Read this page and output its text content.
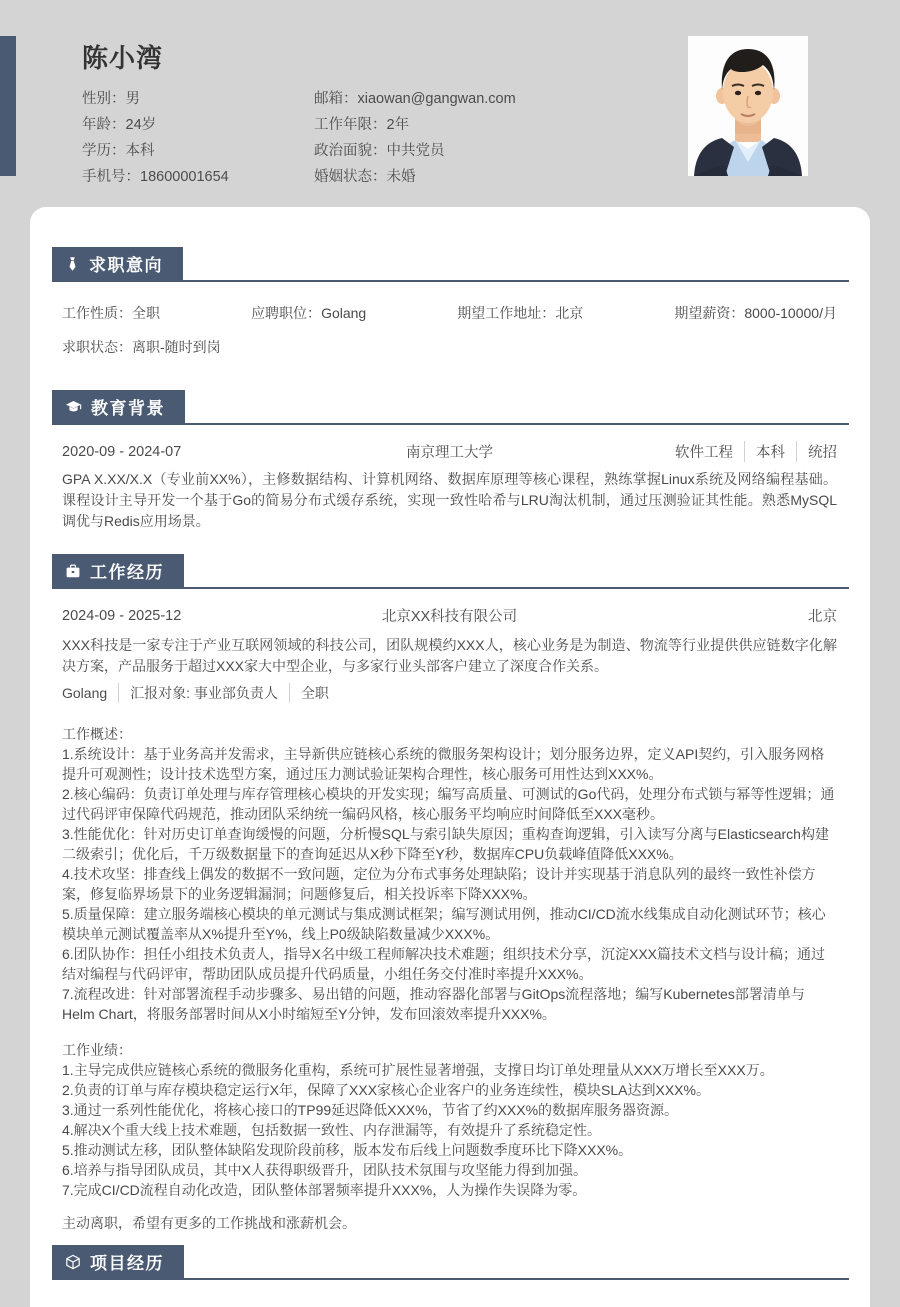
陈小湾
性别：男	邮箱：xiaowan@gangwan.com
年龄：24岁	工作年限：2年
学历：本科	政治面貌：中共党员
手机号：18600001654	婚姻状态：未婚
求职意向
工作性质：全职	应聘职位：Golang	期望工作地址：北京	期望薪资：8000-10000/月
求职状态：离职-随时到岗
教育背景
2020-09 - 2024-07	南京理工大学	软件工程 本科 统招
GPA X.XX/X.X（专业前XX%），主修数据结构、计算机网络、数据库原理等核心课程，熟练掌握Linux系统及网络编程基础。课程设计主导开发一个基于Go的简易分布式缓存系统，实现一致性哈希与LRU淘汰机制，通过压测验证其性能。熟悉MySQL调优与Redis应用场景。
工作经历
2024-09 - 2025-12	北京XX科技有限公司	北京
XXX科技是一家专注于产业互联网领域的科技公司，团队规模约XXX人，核心业务是为制造、物流等行业提供供应链数字化解决方案，产品服务于超过XXX家大中型企业，与多家行业头部客户建立了深度合作关系。
Golang 汇报对象: 事业部负责人 全职
工作概述：
1.系统设计：基于业务高并发需求，主导新供应链核心系统的微服务架构设计；划分服务边界，定义API契约，引入服务网格提升可观测性；设计技术选型方案，通过压力测试验证架构合理性，核心服务可用性达到XXX%。
2.核心编码：负责订单处理与库存管理核心模块的开发实现；编写高质量、可测试的Go代码，处理分布式锁与幂等性逻辑；通过代码评审保障代码规范，推动团队采纳统一编码风格，核心服务平均响应时间降低至XXX毫秒。
3.性能优化：针对历史订单查询缓慢的问题，分析慢SQL与索引缺失原因；重构查询逻辑，引入读写分离与Elasticsearch构建二级索引；优化后，千万级数据量下的查询延迟从X秒下降至Y秒，数据库CPU负载峰值降低XXX%。
4.技术攻坚：排查线上偶发的数据不一致问题，定位为分布式事务处理缺陷；设计并实现基于消息队列的最终一致性补偿方案，修复临界场景下的业务逻辑漏洞；问题修复后，相关投诉率下降XXX%。
5.质量保障：建立服务端核心模块的单元测试与集成测试框架；编写测试用例，推动CI/CD流水线集成自动化测试环节；核心模块单元测试覆盖率从X%提升至Y%，线上P0级缺陷数量减少XXX%。
6.团队协作：担任小组技术负责人，指导X名中级工程师解决技术难题；组织技术分享，沉淀XXX篇技术文档与设计稿；通过结对编程与代码评审，帮助团队成员提升代码质量，小组任务交付准时率提升XXX%。
7.流程改进：针对部署流程手动步骤多、易出错的问题，推动容器化部署与GitOps流程落地；编写Kubernetes部署清单与Helm Chart，将服务部署时间从X小时缩短至Y分钟，发布回滚效率提升XXX%。
工作业绩：
1.主导完成供应链核心系统的微服务化重构，系统可扩展性显著增强，支撑日均订单处理量从XXX万增长至XXX万。
2.负责的订单与库存模块稳定运行X年，保障了XXX家核心企业客户的业务连续性，模块SLA达到XXX%。
3.通过一系列性能优化，将核心接口的TP99延迟降低XXX%，节省了约XXX%的数据库服务器资源。
4.解决X个重大线上技术难题，包括数据一致性、内存泄漏等，有效提升了系统稳定性。
5.推动测试左移，团队整体缺陷发现阶段前移，版本发布后线上问题数季度环比下降XXX%。
6.培养与指导团队成员，其中X人获得职级晋升，团队技术氛围与攻坚能力得到加强。
7.完成CI/CD流程自动化改造，团队整体部署频率提升XXX%，人为操作失误降为零。
主动离职，希望有更多的工作挑战和涨薪机会。
项目经历
